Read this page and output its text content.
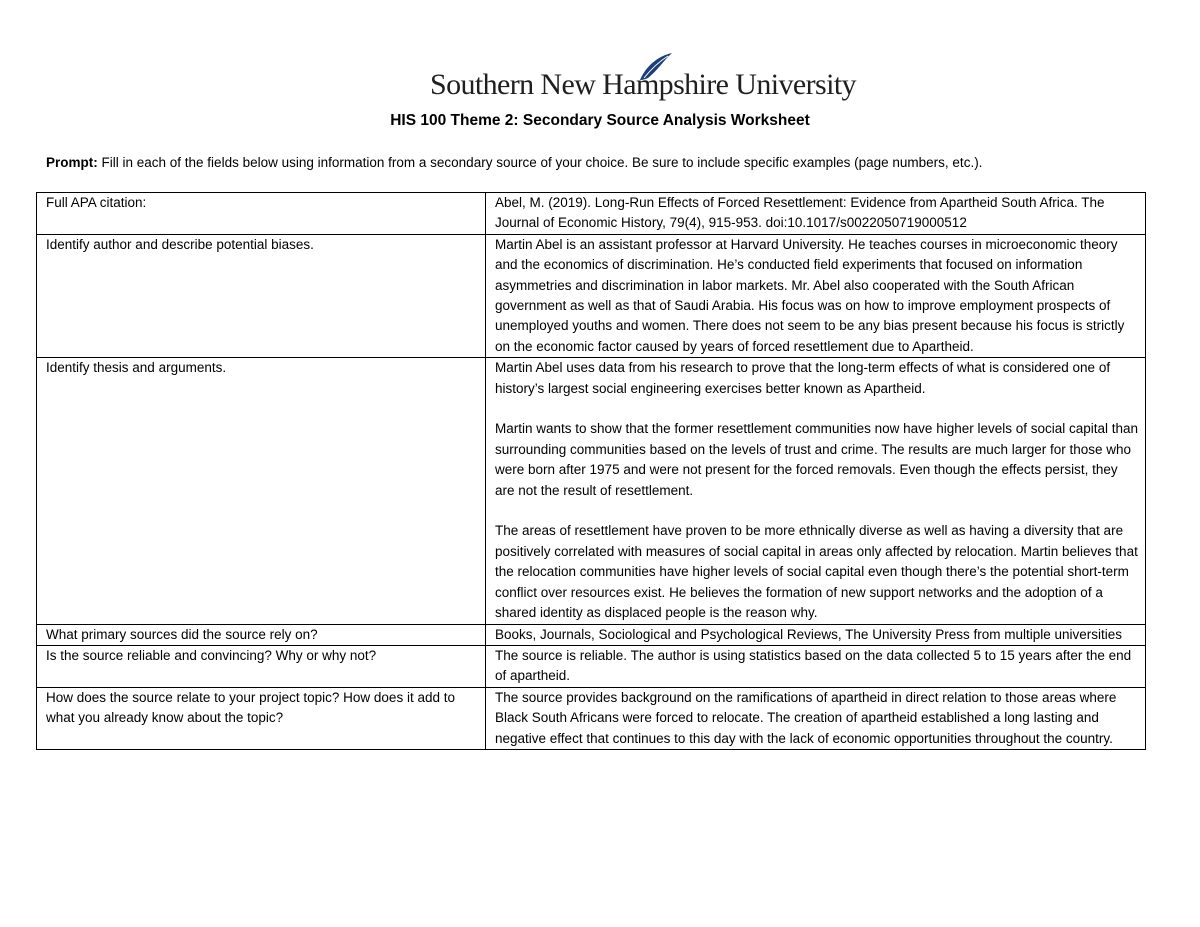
Southern New Hampshire University
HIS 100 Theme 2: Secondary Source Analysis Worksheet
Prompt: Fill in each of the fields below using information from a secondary source of your choice. Be sure to include specific examples (page numbers, etc.).
Full APA citation:	Abel, M. (2019). Long-Run Effects of Forced Resettlement: Evidence from Apartheid South Africa. The Journal of Economic History, 79(4), 915-953. doi:10.1017/s0022050719000512

Identify author and describe potential biases.	Martin Abel is an assistant professor at Harvard University. He teaches courses in microeconomic theory and the economics of discrimination. He’s conducted field experiments that focused on information asymmetries and discrimination in labor markets. Mr. Abel also cooperated with the South African government as well as that of Saudi Arabia. His focus was on how to improve employment prospects of unemployed youths and women. There does not seem to be any bias present because his focus is strictly on the economic factor caused by years of forced resettlement due to Apartheid.

Identify thesis and arguments.	Martin Abel uses data from his research to prove that the long-term effects of what is considered one of history’s largest social engineering exercises better known as Apartheid.
Martin wants to show that the former resettlement communities now have higher levels of social capital than surrounding communities based on the levels of trust and crime. The results are much larger for those who were born after 1975 and were not present for the forced removals. Even though the effects persist, they are not the result of resettlement.
The areas of resettlement have proven to be more ethnically diverse as well as having a diversity that are positively correlated with measures of social capital in areas only affected by relocation. Martin believes that the relocation communities have higher levels of social capital even though there’s the potential short-term conflict over resources exist. He believes the formation of new support networks and the adoption of a shared identity as displaced people is the reason why.

What primary sources did the source rely on?	Books, Journals, Sociological and Psychological Reviews, The University Press from multiple universities

Is the source reliable and convincing? Why or why not?	The source is reliable. The author is using statistics based on the data collected 5 to 15 years after the end of apartheid.

How does the source relate to your project topic? How does it add to what you already know about the topic?	The source provides background on the ramifications of apartheid in direct relation to those areas where Black South Africans were forced to relocate. The creation of apartheid established a long lasting and negative effect that continues to this day with the lack of economic opportunities throughout the country.
